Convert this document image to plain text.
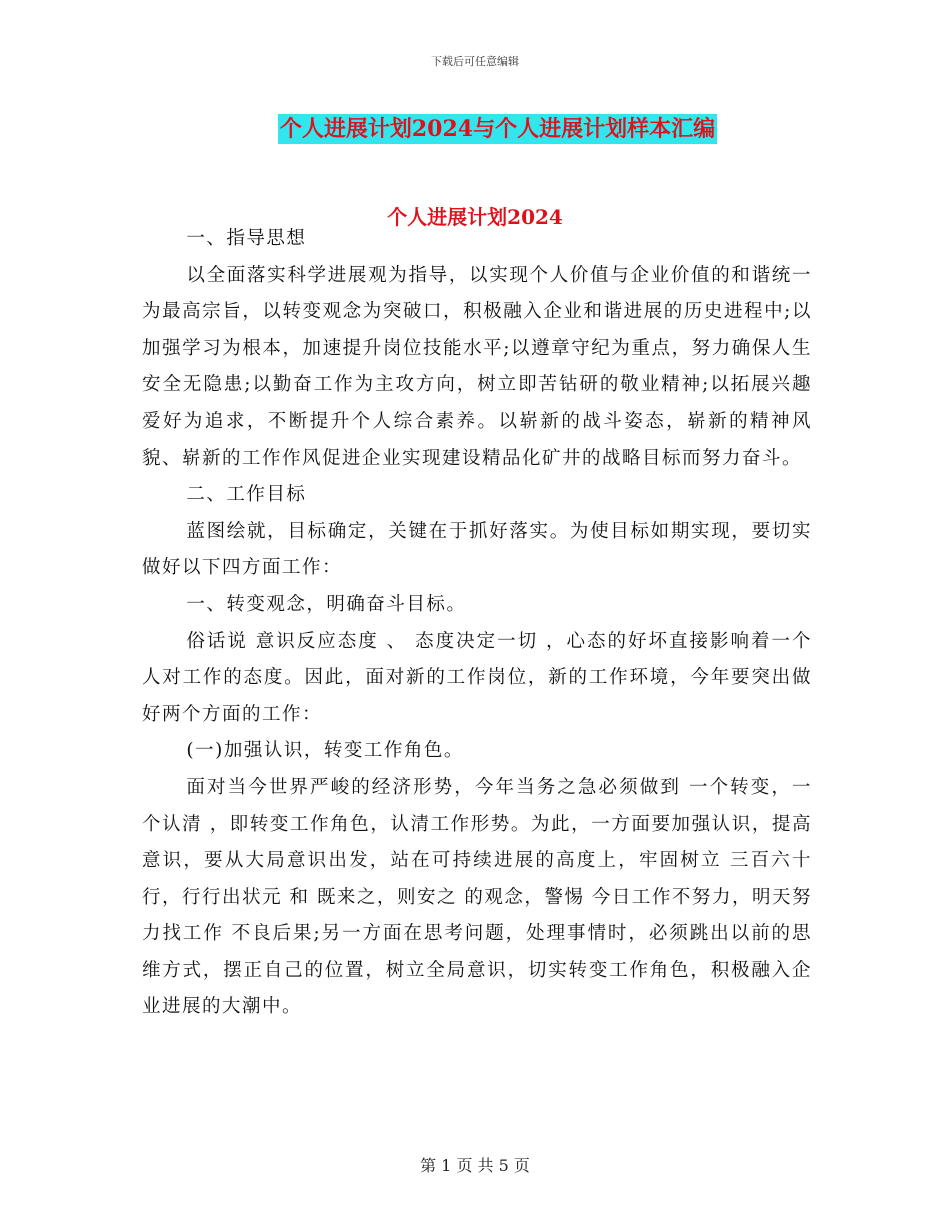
下载后可任意编辑
个人进展计划2024与个人进展计划样本汇编
个人进展计划2024

一、指导思想

以全面落实科学进展观为指导，以实现个人价值与企业价值的和谐统一为最高宗旨，以转变观念为突破口，积极融入企业和谐进展的历史进程中;以加强学习为根本，加速提升岗位技能水平;以遵章守纪为重点，努力确保人生安全无隐患;以勤奋工作为主攻方向，树立即苦钻研的敬业精神;以拓展兴趣爱好为追求，不断提升个人综合素养。以崭新的战斗姿态，崭新的精神风貌、崭新的工作作风促进企业实现建设精品化矿井的战略目标而努力奋斗。

二、工作目标

蓝图绘就，目标确定，关键在于抓好落实。为使目标如期实现，要切实做好以下四方面工作：

一、转变观念，明确奋斗目标。

俗话说 意识反应态度 、 态度决定一切 ，心态的好坏直接影响着一个人对工作的态度。因此，面对新的工作岗位，新的工作环境，今年要突出做好两个方面的工作：

(一)加强认识，转变工作角色。

面对当今世界严峻的经济形势，今年当务之急必须做到 一个转变，一个认清 ，即转变工作角色，认清工作形势。为此，一方面要加强认识，提高意识，要从大局意识出发，站在可持续进展的高度上，牢固树立 三百六十行，行行出状元 和 既来之，则安之 的观念，警惕 今日工作不努力，明天努力找工作 不良后果;另一方面在思考问题，处理事情时，必须跳出以前的思维方式，摆正自己的位置，树立全局意识，切实转变工作角色，积极融入企业进展的大潮中。

第 1 页 共 5 页
